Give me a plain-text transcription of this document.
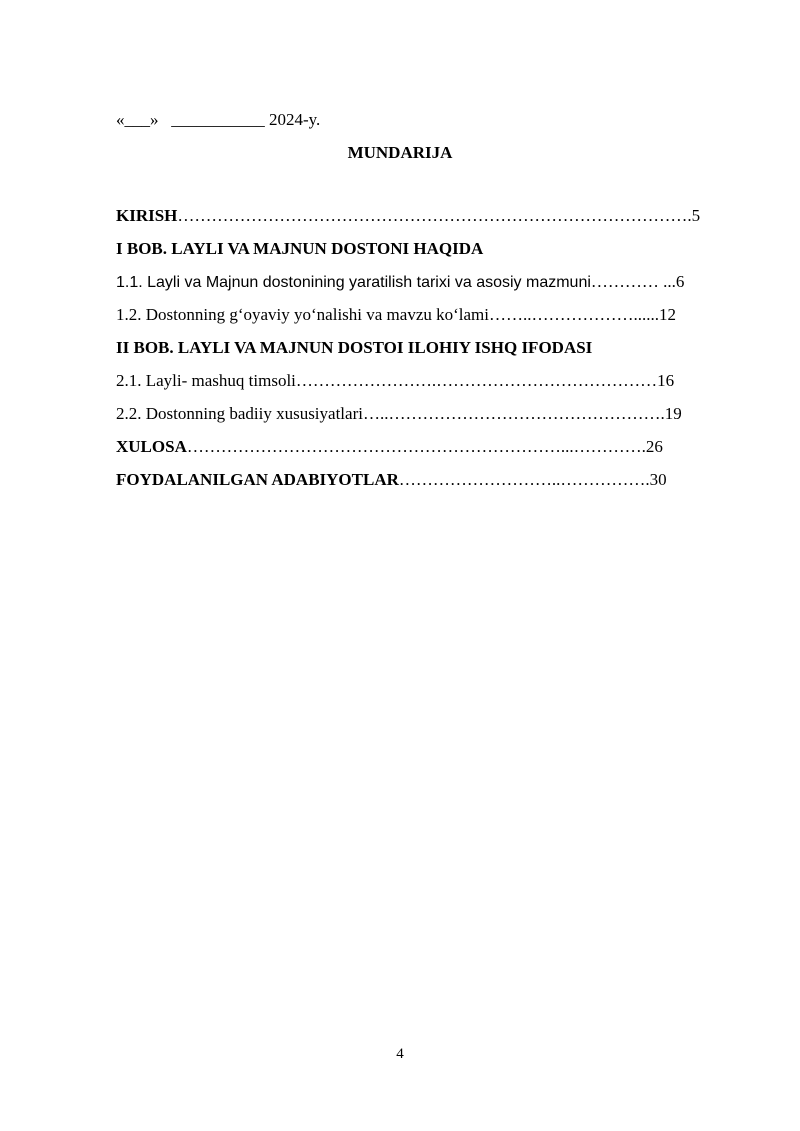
«___»   ___________ 2024-y.
MUNDARIJA
KIRISH……………………………………………………………………………….5
I BOB. LAYLI VA MAJNUN DOSTONI HAQIDA
1.1. Layli va Majnun dostonining yaratilish tarixi va asosiy mazmuni………… ...6
1.2. Dostonning g‘oyaviy yo‘nalishi va mavzu ko‘lami……..………………......12
II BOB. LAYLI VA MAJNUN DOSTOI ILOHIY ISHQ IFODASI
2.1. Layli- mashuq timsoli…………………….…………………………………16
2.2. Dostonning badiiy xususiyatlari…..………………………………………….19
XULOSA…………………………………………………………...………….26
FOYDALANILGAN ADABIYOTLAR………………………..…………….30
4
